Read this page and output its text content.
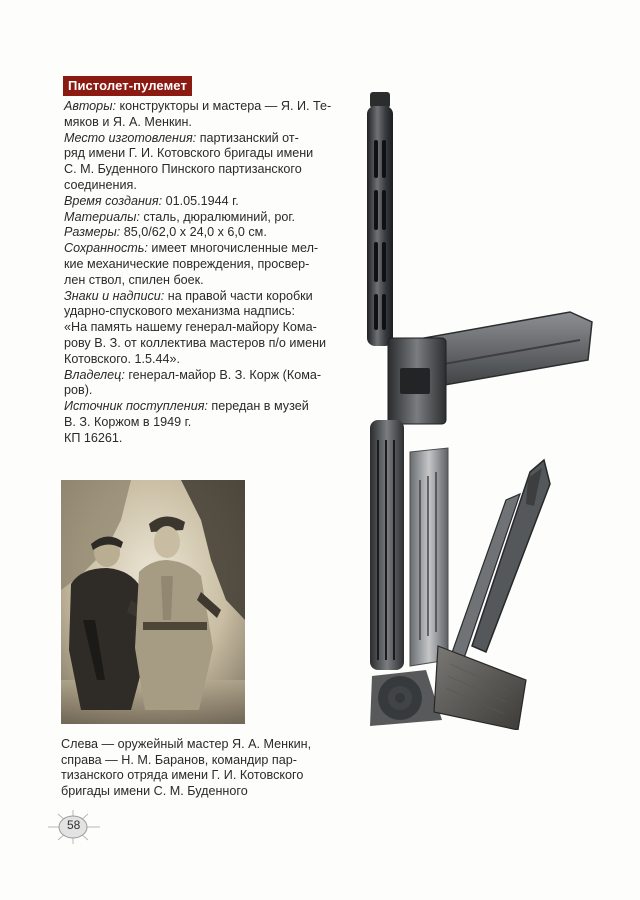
Пистолет-пулемет

Авторы: конструкторы и мастера — Я. И. Те-

мяков и Я. А. Менкин.

Место изготовления: партизанский от-

ряд имени Г. И. Котовского бригады имени

С. М. Буденного Пинского партизанского

соединения.

Время создания: 01.05.1944 г.

Материалы: сталь, дюралюминий, рог.

Размеры: 85,0/62,0 х 24,0 х 6,0 см.

Сохранность: имеет многочисленные мел-

кие механические повреждения, просвер-

лен ствол, спилен боек.

Знаки и надписи: на правой части коробки

ударно-спускового механизма надпись:

«На память нашему генерал-майору Кома-

рову В. З. от коллектива мастеров п/о имени

Котовского. 1.5.44».

Владелец: генерал-майор В. З. Корж (Кома-

ров).

Источник поступления: передан в музей

В. З. Коржом в 1949 г.

КП 16261.

Слева — оружейный мастер Я. А. Менкин,
справа — Н. М. Баранов, командир пар-
тизанского отряда имени Г. И. Котовского
бригады имени С. М. Буденного
58
